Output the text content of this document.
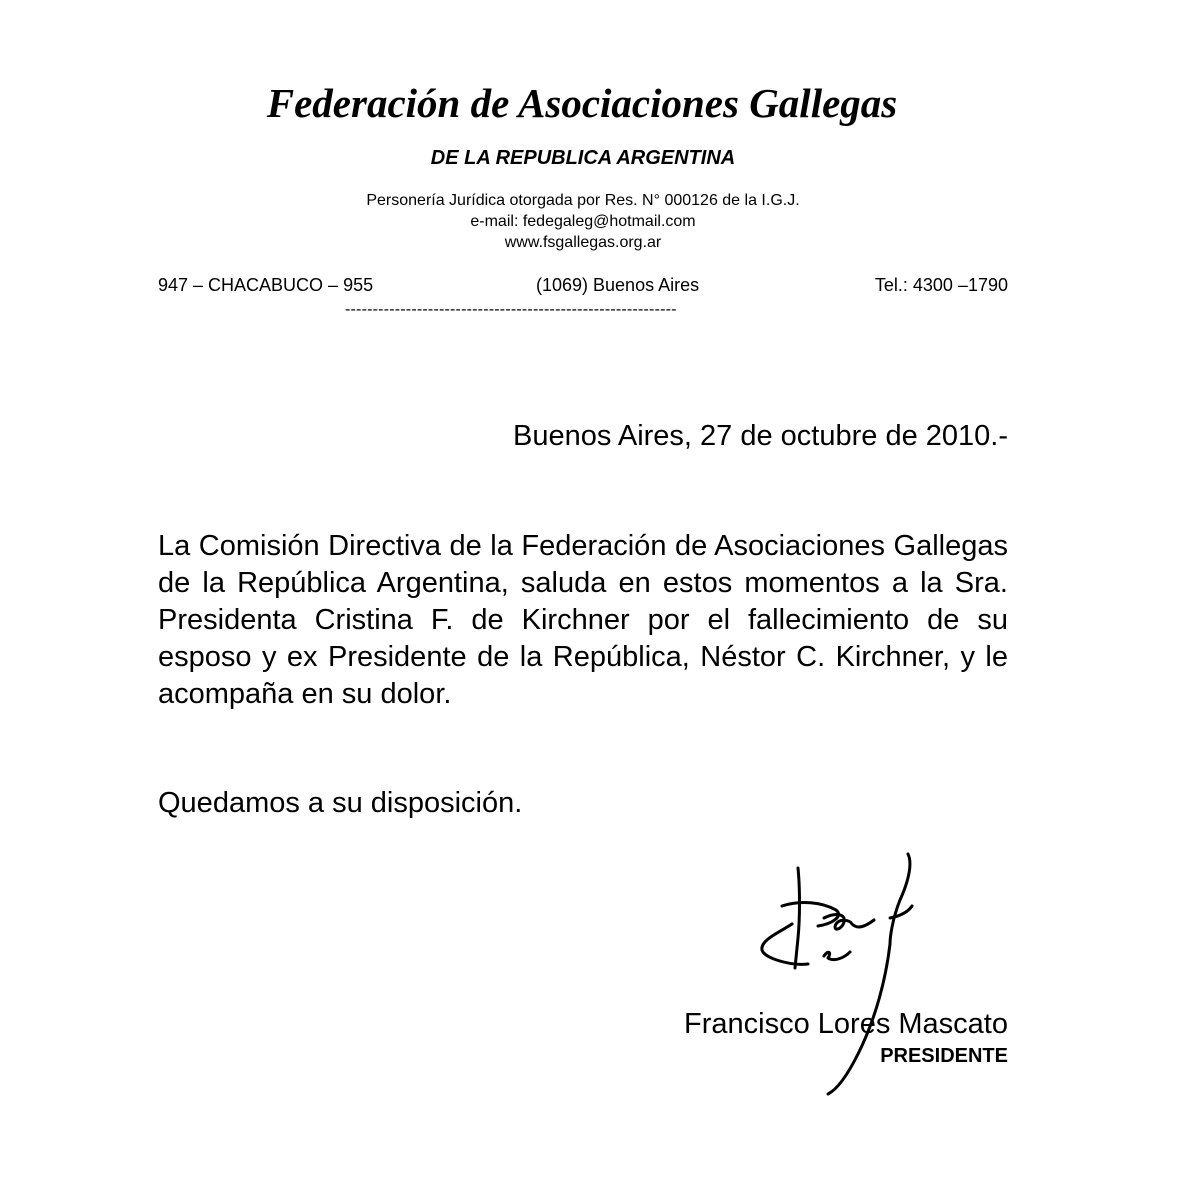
Federación de Asociaciones Gallegas
DE LA REPUBLICA ARGENTINA
Personería Jurídica otorgada por Res. N° 000126 de la I.G.J.
e-mail: fedegaleg@hotmail.com
www.fsgallegas.org.ar
947 – CHACABUCO – 955	(1069) Buenos Aires	Tel.: 4300 –1790
------------------------------------------------------------
Buenos Aires, 27 de octubre de 2010.-

La Comisión Directiva de la Federación de Asociaciones Gallegas de la República Argentina, saluda en estos momentos a la Sra. Presidenta Cristina F. de Kirchner por el fallecimiento de su esposo y ex Presidente de la República, Néstor C. Kirchner, y le acompaña en su dolor.

Quedamos a su disposición.
Francisco Lores Mascato
PRESIDENTE
